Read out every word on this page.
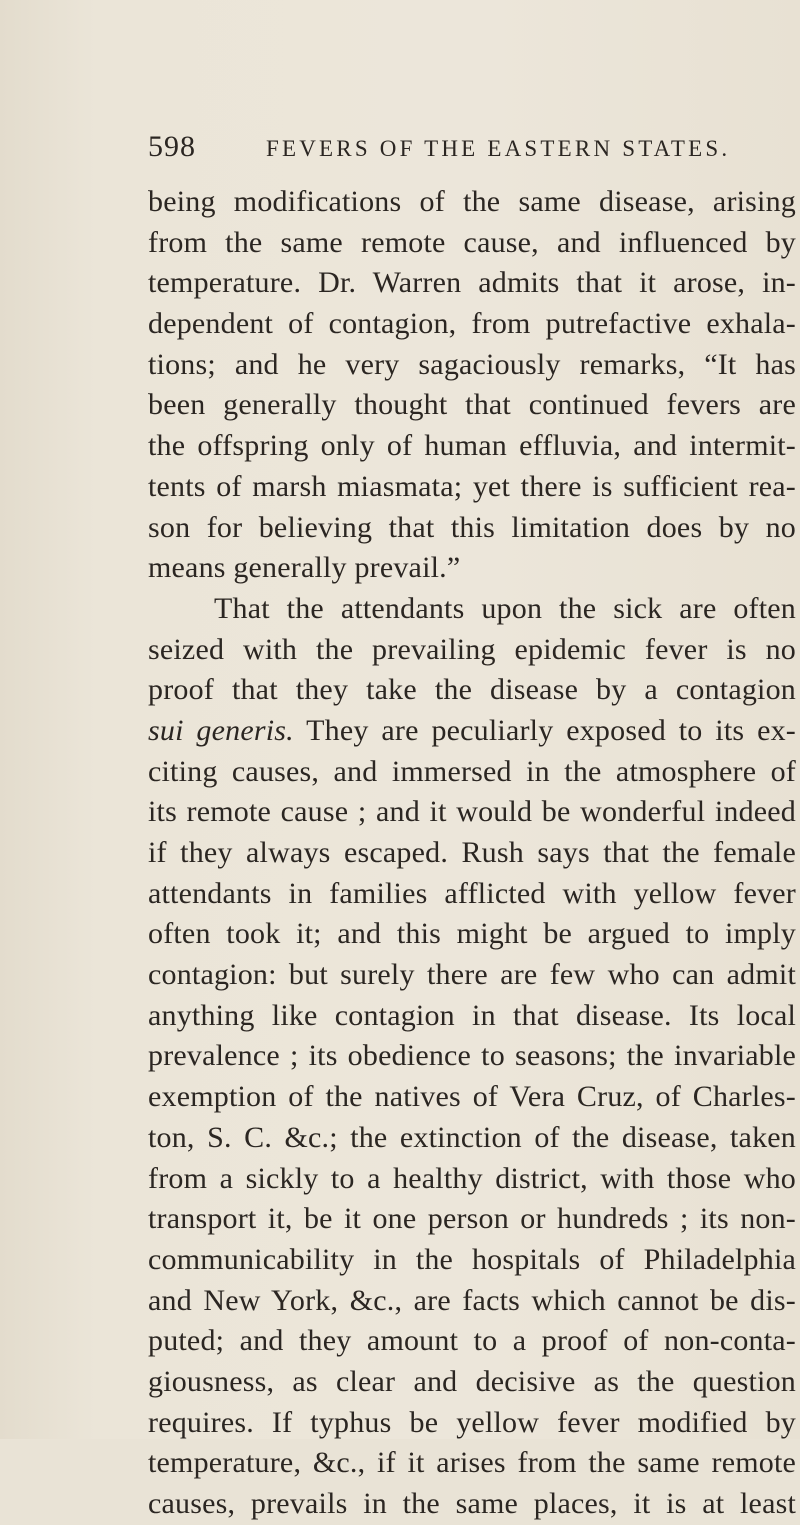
598	FEVERS OF THE EASTERN STATES.
being modifications of the same disease, arising
from the same remote cause, and influenced by
temperature. Dr. Warren admits that it arose, in-
dependent of contagion, from putrefactive exhala-
tions; and he very sagaciously remarks, “It has
been generally thought that continued fevers are
the offspring only of human effluvia, and intermit-
tents of marsh miasmata; yet there is sufficient rea-
son for believing that this limitation does by no
means generally prevail.”
That the attendants upon the sick are often
seized with the prevailing epidemic fever is no
proof that they take the disease by a contagion
sui generis. They are peculiarly exposed to its ex-
citing causes, and immersed in the atmosphere of
its remote cause ; and it would be wonderful indeed
if they always escaped. Rush says that the female
attendants in families afflicted with yellow fever
often took it; and this might be argued to imply
contagion: but surely there are few who can admit
anything like contagion in that disease. Its local
prevalence ; its obedience to seasons; the invariable
exemption of the natives of Vera Cruz, of Charles-
ton, S. C. &c.; the extinction of the disease, taken
from a sickly to a healthy district, with those who
transport it, be it one person or hundreds ; its non-
communicability in the hospitals of Philadelphia
and New York, &c., are facts which cannot be dis-
puted; and they amount to a proof of non-conta-
giousness, as clear and decisive as the question
requires. If typhus be yellow fever modified by
temperature, &c., if it arises from the same remote
causes, prevails in the same places, it is at least
